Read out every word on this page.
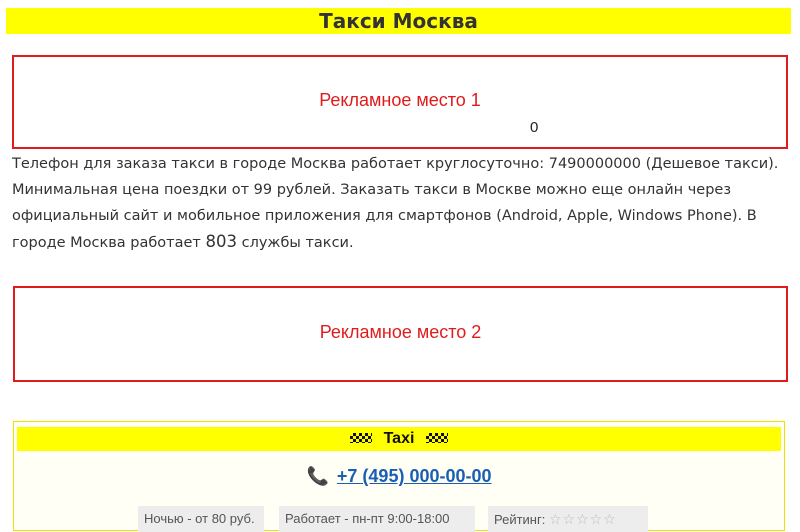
Такси Москва
Рекламное место 1
0

Телефон для заказа такси в городе Москва работает круглосуточно: 7490000000 (Дешевое такси). Минимальная цена поездки от 99 рублей. Заказать такси в Москве можно еще онлайн через официальный сайт и мобильное приложения для смартфонов (Android, Apple, Windows Phone). В городе Москва работает 803 службы такси.

Рекламное место 2
Taxi
📞 +7 (495) 000-00-00
Ночью - от 80 руб.	Работает - пн-пт 9:00-18:00	Рейтинг: ☆☆☆☆☆
